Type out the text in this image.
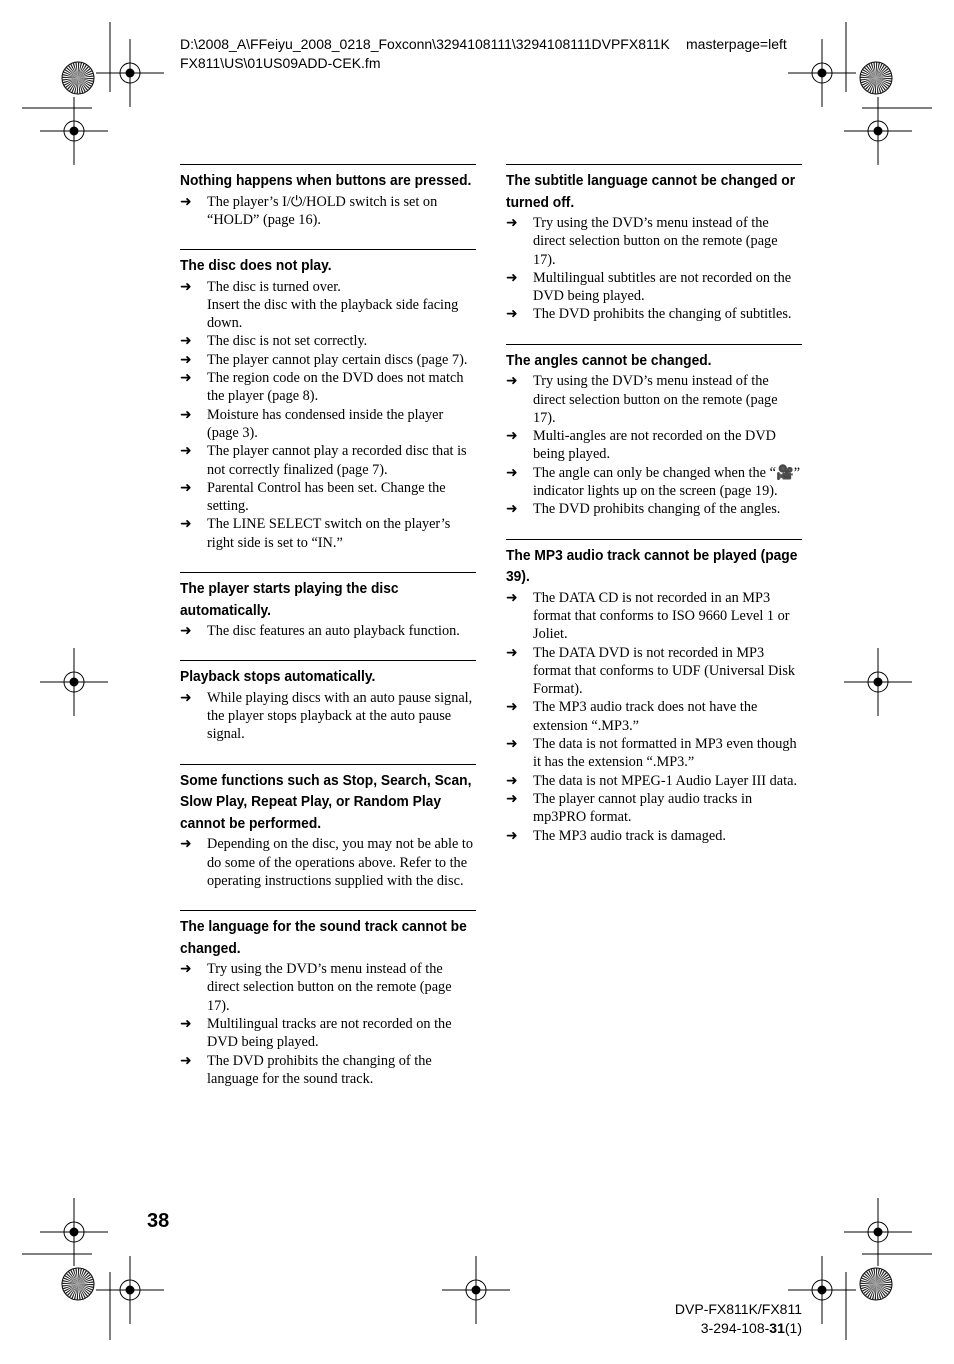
D:\2008_A\FFeiyu_2008_0218_Foxconn\3294108111\3294108111DVPFX811K
FX811\US\01US09ADD-CEK.fm
masterpage=left
Nothing happens when buttons are pressed.
➜	The player’s I/⏻/HOLD switch is set on “HOLD” (page 16).
The disc does not play.
➜	The disc is turned over.
Insert the disc with the playback side facing down.
➜	The disc is not set correctly.
➜	The player cannot play certain discs (page 7).
➜	The region code on the DVD does not match the player (page 8).
➜	Moisture has condensed inside the player (page 3).
➜	The player cannot play a recorded disc that is not correctly finalized (page 7).
➜	Parental Control has been set. Change the setting.
➜	The LINE SELECT switch on the player’s right side is set to “IN.”
The player starts playing the disc automatically.
➜	The disc features an auto playback function.
Playback stops automatically.
➜	While playing discs with an auto pause signal, the player stops playback at the auto pause signal.
Some functions such as Stop, Search, Scan, Slow Play, Repeat Play, or Random Play cannot be performed.
➜	Depending on the disc, you may not be able to do some of the operations above. Refer to the operating instructions supplied with the disc.
The language for the sound track cannot be changed.
➜	Try using the DVD’s menu instead of the direct selection button on the remote (page 17).
➜	Multilingual tracks are not recorded on the DVD being played.
➜	The DVD prohibits the changing of the language for the sound track.
The subtitle language cannot be changed or turned off.
➜	Try using the DVD’s menu instead of the direct selection button on the remote (page 17).
➜	Multilingual subtitles are not recorded on the DVD being played.
➜	The DVD prohibits the changing of subtitles.
The angles cannot be changed.
➜	Try using the DVD’s menu instead of the direct selection button on the remote (page 17).
➜	Multi-angles are not recorded on the DVD being played.
➜	The angle can only be changed when the “🎥” indicator lights up on the screen (page 19).
➜	The DVD prohibits changing of the angles.
The MP3 audio track cannot be played (page 39).
➜	The DATA CD is not recorded in an MP3 format that conforms to ISO 9660 Level 1 or Joliet.
➜	The DATA DVD is not recorded in MP3 format that conforms to UDF (Universal Disk Format).
➜	The MP3 audio track does not have the extension “.MP3.”
➜	The data is not formatted in MP3 even though it has the extension “.MP3.”
➜	The data is not MPEG-1 Audio Layer III data.
➜	The player cannot play audio tracks in mp3PRO format.
➜	The MP3 audio track is damaged.
38
DVP-FX811K/FX811
3-294-108-31(1)
